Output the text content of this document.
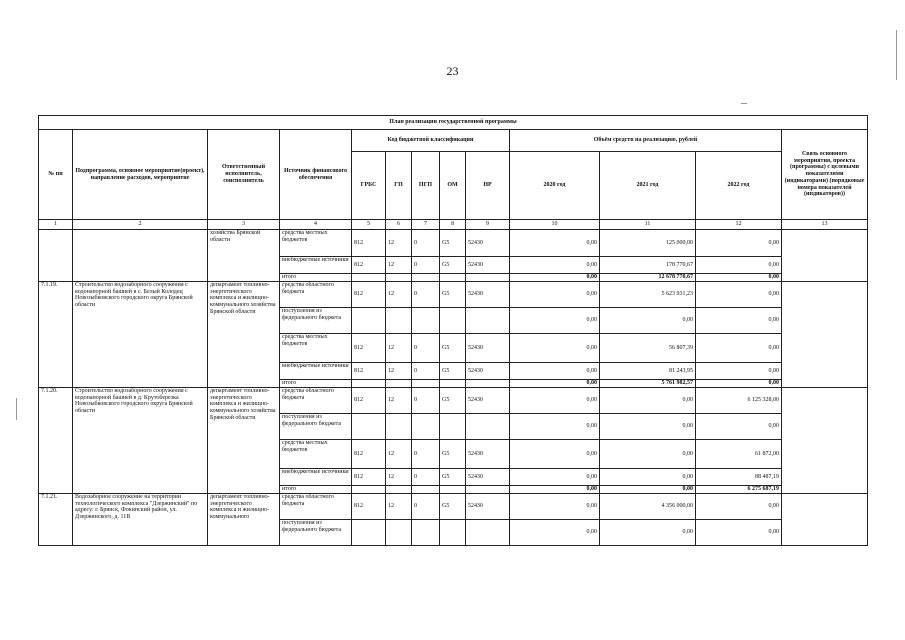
23
План реализации государственной программы												
№ пп	Подпрограмма, основное мероприятие(проект), направление расходов, мероприятие	Ответственный исполнитель, соисполнитель	Источник финансового обеспечения	Код бюджетной классификации					Объём средств на реализацию, рублей			Связь основного мероприятия, проекта (программы) с целевыми показателями (индикаторами) (порядковые номера показателей (индикаторов))
				ГРБС	ГП	ПГП	ОМ	НР	2020 год	2021 год	2022 год	
1	2	3	4	5	6	7	8	9	10	11	12	13
		хозяйства Брянской области	средства местных бюджетов	812	12	0	G5	52430	0,00	125 000,00	0,00	
			внебюджетные источники	812	12	0	G5	52430	0,00	178 770,67	0,00	
			итого						0,00	12 678 770,67	0,00	
7.1.19.	Строительство водозаборного сооружения с водонапорной башней в с. Белый Колодец Новозыбковского городского округа Брянской области	департамент топливно-энергетического комплекса и жилищно-коммунального хозяйства Брянской области	средства областного бюджета	812	12	0	G5	52430	0,00	5 623 931,23	0,00	
			поступления из федерального бюджета						0,00	0,00	0,00	
			средства местных бюджетов	812	12	0	G5	52430	0,00	56 807,39	0,00	
			внебюджетные источники	812	12	0	G5	52430	0,00	81 243,95	0,00	
			итого						0,00	5 761 982,57	0,00	
7.1.20.	Строительство водозаборного сооружения с водонапорной башней в д. Крутоберезка Новозыбковского городского округа Брянской области	департамент топливно-энергетического комплекса и жилищно-коммунального хозяйства Брянской области	средства областного бюджета	812	12	0	G5	52430	0,00	0,00	6 125 328,00	
			поступления из федерального бюджета						0,00	0,00	0,00	
			средства местных бюджетов	812	12	0	G5	52430	0,00	0,00	61 872,00	
			внебюджетные источники	812	12	0	G5	52430	0,00	0,00	88 487,19	
			итого						0,00	0,00	6 275 687,19	
7.1.21.	Водозаборное сооружение на территории технологического комплекса "Дзержинский" по адресу: г. Брянск, Фокинский район, ул. Дзержинского, д. 11В	департамент топливно-энергетического комплекса и жилищно-коммунального	средства областного бюджета	812	12	0	G5	52430	0,00	4 356 000,00	0,00	
			поступления из федерального бюджета						0,00	0,00	0,00	
